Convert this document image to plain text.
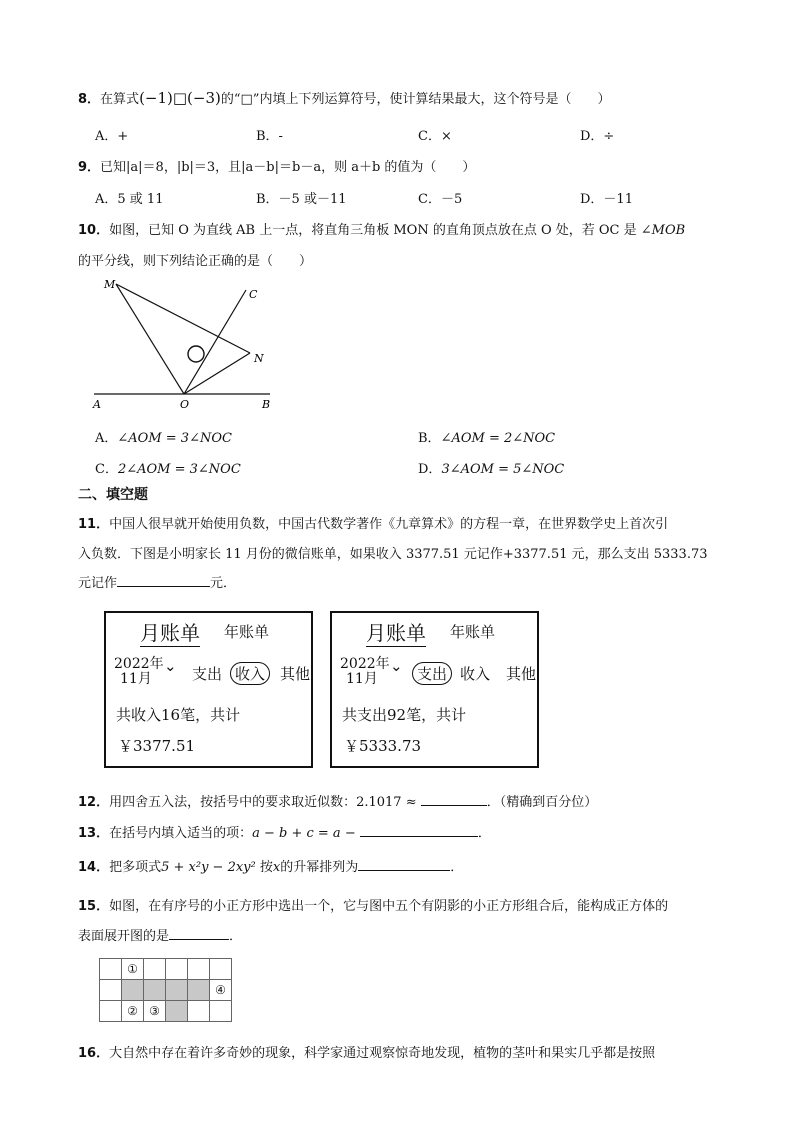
8．在算式(−1)□(−3)的“□”内填上下列运算符号，使计算结果最大，这个符号是（　　）
A．+	B．-	C．×	D．÷
9．已知|a|＝8，|b|＝3，且|a－b|＝b－a，则 a＋b 的值为（　　）
A．5 或 11	B．－5 或－11	C．－5	D．－11
10．如图，已知 O 为直线 AB 上一点，将直角三角板 MON 的直角顶点放在点 O 处，若 OC 是 ∠MOB
的平分线，则下列结论正确的是（　　）
M
C
N
A	O	B
A．∠AOM = 3∠NOC	B．∠AOM = 2∠NOC
C．2∠AOM = 3∠NOC	D．3∠AOM = 5∠NOC
二、填空题
11．中国人很早就开始使用负数，中国古代数学著作《九章算术》的方程一章，在世界数学史上首次引
入负数．下图是小明家长 11 月份的微信账单，如果收入 3377.51 元记作+3377.51 元，那么支出 5333.73
元记作	元．
月账单 年账单
2022年
11月
⌄ 支出 收入 其他
共收入16笔，共计
￥3377.51
月账单 年账单
2022年
11月
⌄ 支出 收入 其他
共支出92笔，共计
￥5333.73
12．用四舍五入法，按括号中的要求取近似数：2.1017 ≈	．（精确到百分位）
13．在括号内填入适当的项：a − b + c = a −	．
14．把多项式5 + x²y − 2xy² 按x的升幂排列为	．
15．如图，在有序号的小正方形中选出一个，它与图中五个有阴影的小正方形组合后，能构成正方体的
表面展开图的是	．
	①				
					④
	②	③			
16．大自然中存在着许多奇妙的现象，科学家通过观察惊奇地发现，植物的茎叶和果实几乎都是按照
